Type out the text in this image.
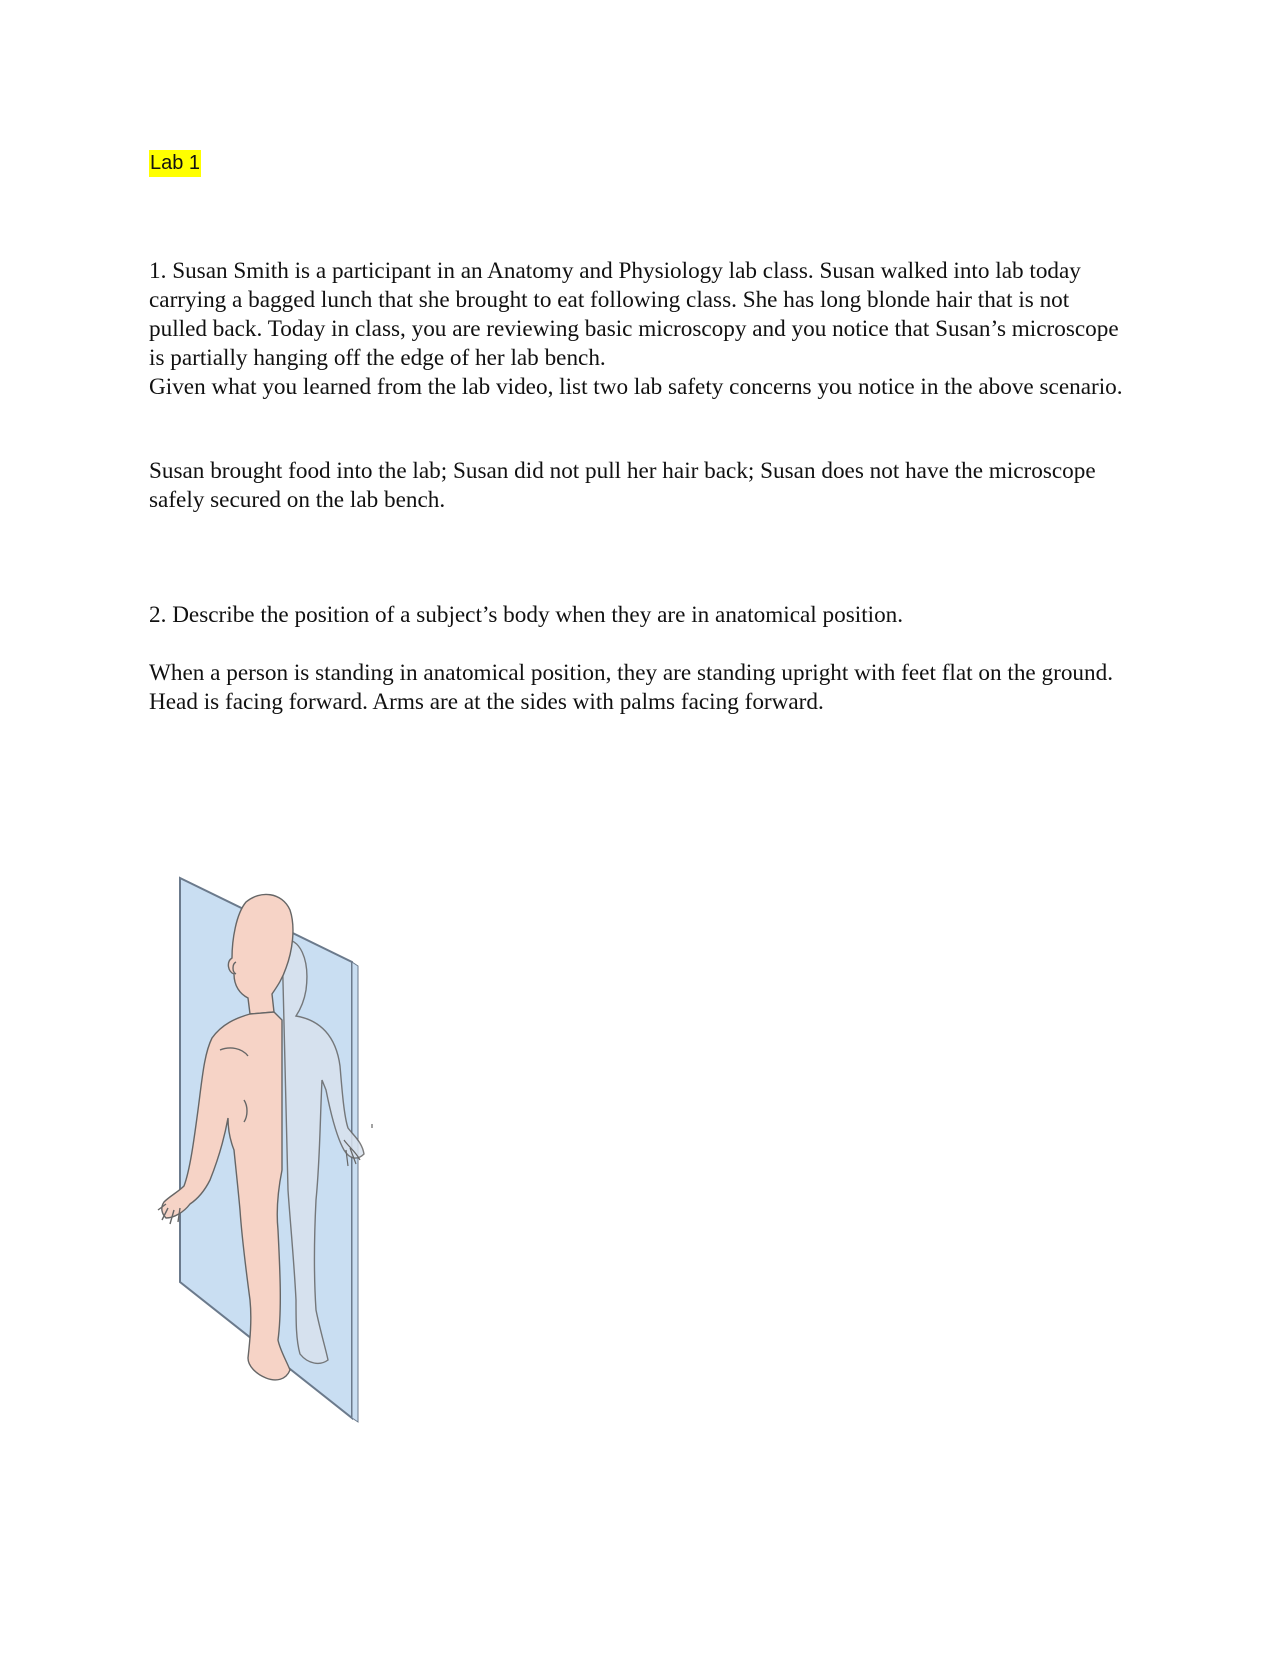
Lab 1
1. Susan Smith is a participant in an Anatomy and Physiology lab class. Susan walked into lab today carrying a bagged lunch that she brought to eat following class. She has long blonde hair that is not pulled back. Today in class, you are reviewing basic microscopy and you notice that Susan’s microscope is partially hanging off the edge of her lab bench.
Given what you learned from the lab video, list two lab safety concerns you notice in the above scenario.

Susan brought food into the lab; Susan did not pull her hair back; Susan does not have the microscope safely secured on the lab bench.

2. Describe the position of a subject’s body when they are in anatomical position.

When a person is standing in anatomical position, they are standing upright with feet flat on the ground. Head is facing forward. Arms are at the sides with palms facing forward.
